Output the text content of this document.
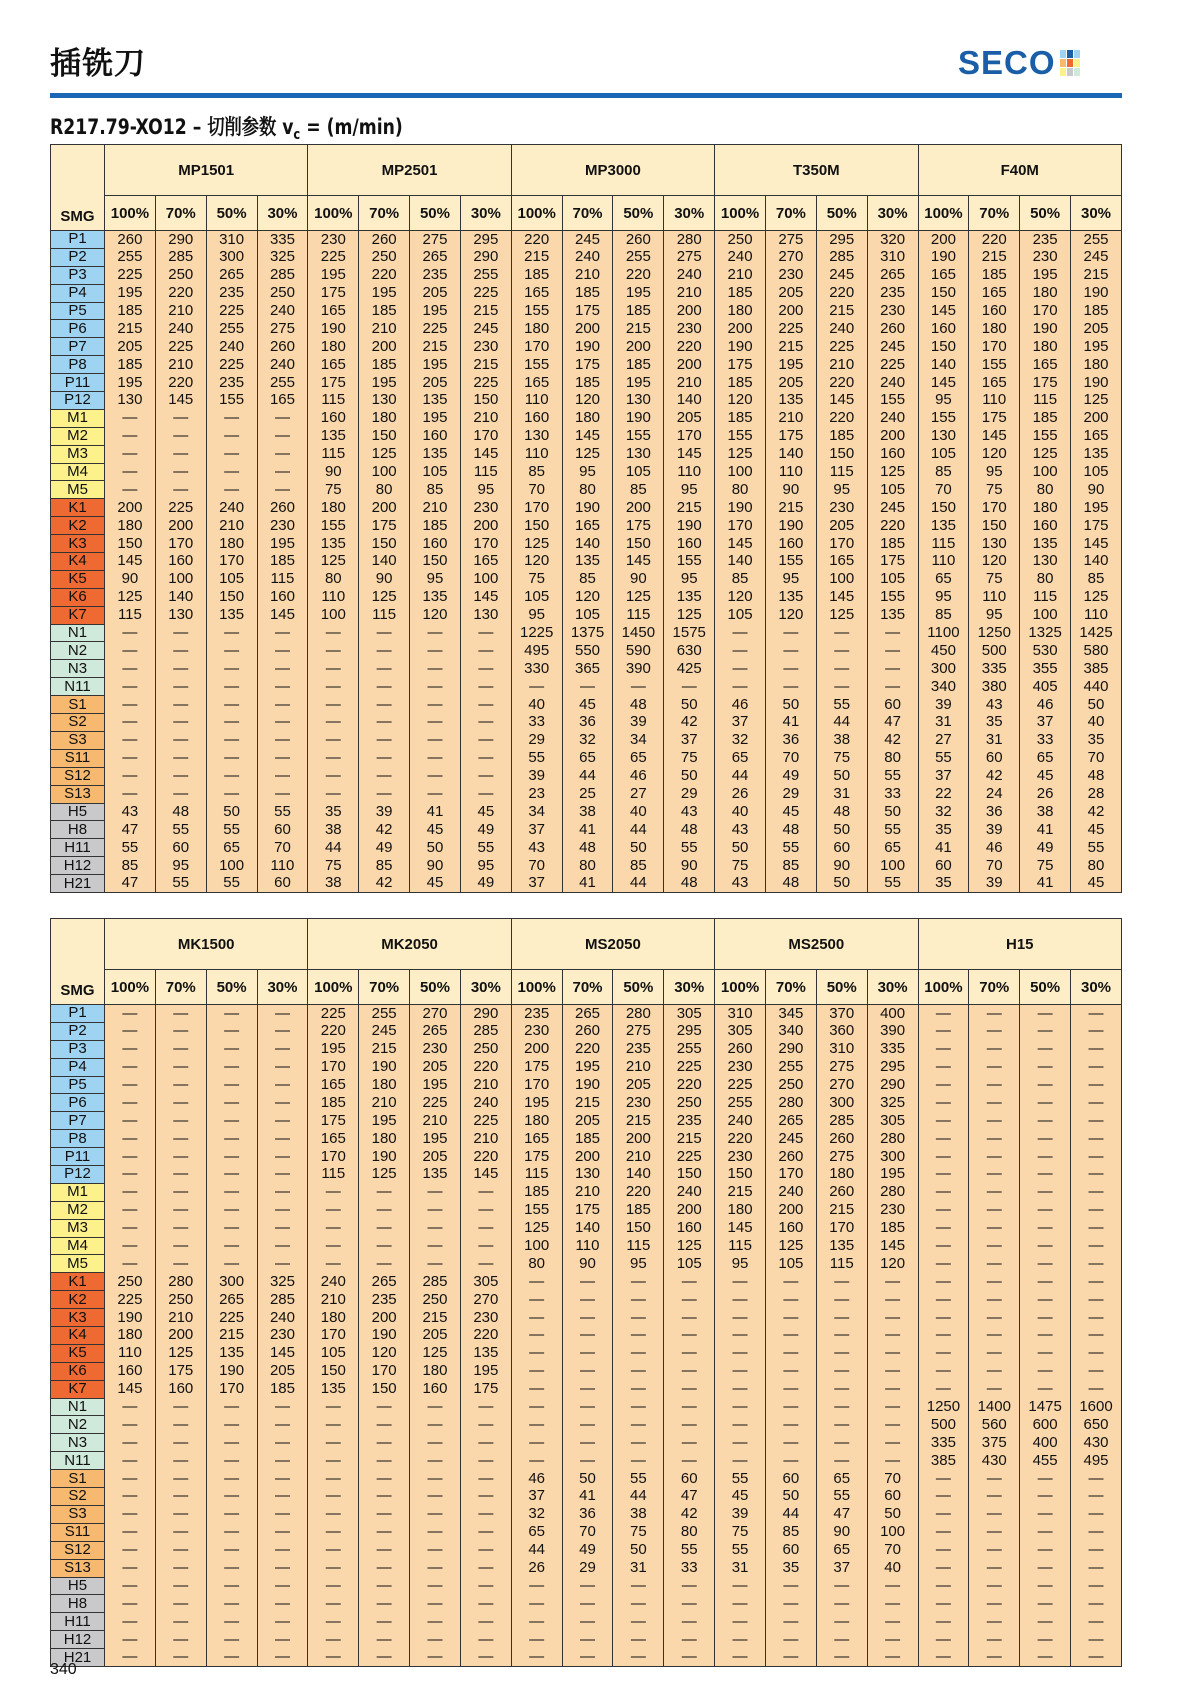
插铣刀	SECO
R217.79-XO12 – 切削参数 $v_c = (m/\min)$
SMG	MP1501				MP2501				MP3000				T350M				F40M			
	100%	70%	50%	30%	100%	70%	50%	30%	100%	70%	50%	30%	100%	70%	50%	30%	100%	70%	50%	30%
P1	260	290	310	335	230	260	275	295	220	245	260	280	250	275	295	320	200	220	235	255
P2	255	285	300	325	225	250	265	290	215	240	255	275	240	270	285	310	190	215	230	245
P3	225	250	265	285	195	220	235	255	185	210	220	240	210	230	245	265	165	185	195	215
P4	195	220	235	250	175	195	205	225	165	185	195	210	185	205	220	235	150	165	180	190
P5	185	210	225	240	165	185	195	215	155	175	185	200	180	200	215	230	145	160	170	185
P6	215	240	255	275	190	210	225	245	180	200	215	230	200	225	240	260	160	180	190	205
P7	205	225	240	260	180	200	215	230	170	190	200	220	190	215	225	245	150	170	180	195
P8	185	210	225	240	165	185	195	215	155	175	185	200	175	195	210	225	140	155	165	180
P11	195	220	235	255	175	195	205	225	165	185	195	210	185	205	220	240	145	165	175	190
P12	130	145	155	165	115	130	135	150	110	120	130	140	120	135	145	155	95	110	115	125
M1	—	—	—	—	160	180	195	210	160	180	190	205	185	210	220	240	155	175	185	200
M2	—	—	—	—	135	150	160	170	130	145	155	170	155	175	185	200	130	145	155	165
M3	—	—	—	—	115	125	135	145	110	125	130	145	125	140	150	160	105	120	125	135
M4	—	—	—	—	90	100	105	115	85	95	105	110	100	110	115	125	85	95	100	105
M5	—	—	—	—	75	80	85	95	70	80	85	95	80	90	95	105	70	75	80	90
K1	200	225	240	260	180	200	210	230	170	190	200	215	190	215	230	245	150	170	180	195
K2	180	200	210	230	155	175	185	200	150	165	175	190	170	190	205	220	135	150	160	175
K3	150	170	180	195	135	150	160	170	125	140	150	160	145	160	170	185	115	130	135	145
K4	145	160	170	185	125	140	150	165	120	135	145	155	140	155	165	175	110	120	130	140
K5	90	100	105	115	80	90	95	100	75	85	90	95	85	95	100	105	65	75	80	85
K6	125	140	150	160	110	125	135	145	105	120	125	135	120	135	145	155	95	110	115	125
K7	115	130	135	145	100	115	120	130	95	105	115	125	105	120	125	135	85	95	100	110
N1	—	—	—	—	—	—	—	—	1225	1375	1450	1575	—	—	—	—	1100	1250	1325	1425
N2	—	—	—	—	—	—	—	—	495	550	590	630	—	—	—	—	450	500	530	580
N3	—	—	—	—	—	—	—	—	330	365	390	425	—	—	—	—	300	335	355	385
N11	—	—	—	—	—	—	—	—	—	—	—	—	—	—	—	—	340	380	405	440
S1	—	—	—	—	—	—	—	—	40	45	48	50	46	50	55	60	39	43	46	50
S2	—	—	—	—	—	—	—	—	33	36	39	42	37	41	44	47	31	35	37	40
S3	—	—	—	—	—	—	—	—	29	32	34	37	32	36	38	42	27	31	33	35
S11	—	—	—	—	—	—	—	—	55	65	65	75	65	70	75	80	55	60	65	70
S12	—	—	—	—	—	—	—	—	39	44	46	50	44	49	50	55	37	42	45	48
S13	—	—	—	—	—	—	—	—	23	25	27	29	26	29	31	33	22	24	26	28
H5	43	48	50	55	35	39	41	45	34	38	40	43	40	45	48	50	32	36	38	42
H8	47	55	55	60	38	42	45	49	37	41	44	48	43	48	50	55	35	39	41	45
H11	55	60	65	70	44	49	50	55	43	48	50	55	50	55	60	65	41	46	49	55
H12	85	95	100	110	75	85	90	95	70	80	85	90	75	85	90	100	60	70	75	80
H21	47	55	55	60	38	42	45	49	37	41	44	48	43	48	50	55	35	39	41	45
SMG	MK1500				MK2050				MS2050				MS2500				H15			
	100%	70%	50%	30%	100%	70%	50%	30%	100%	70%	50%	30%	100%	70%	50%	30%	100%	70%	50%	30%
P1	—	—	—	—	225	255	270	290	235	265	280	305	310	345	370	400	—	—	—	—
P2	—	—	—	—	220	245	265	285	230	260	275	295	305	340	360	390	—	—	—	—
P3	—	—	—	—	195	215	230	250	200	220	235	255	260	290	310	335	—	—	—	—
P4	—	—	—	—	170	190	205	220	175	195	210	225	230	255	275	295	—	—	—	—
P5	—	—	—	—	165	180	195	210	170	190	205	220	225	250	270	290	—	—	—	—
P6	—	—	—	—	185	210	225	240	195	215	230	250	255	280	300	325	—	—	—	—
P7	—	—	—	—	175	195	210	225	180	205	215	235	240	265	285	305	—	—	—	—
P8	—	—	—	—	165	180	195	210	165	185	200	215	220	245	260	280	—	—	—	—
P11	—	—	—	—	170	190	205	220	175	200	210	225	230	260	275	300	—	—	—	—
P12	—	—	—	—	115	125	135	145	115	130	140	150	150	170	180	195	—	—	—	—
M1	—	—	—	—	—	—	—	—	185	210	220	240	215	240	260	280	—	—	—	—
M2	—	—	—	—	—	—	—	—	155	175	185	200	180	200	215	230	—	—	—	—
M3	—	—	—	—	—	—	—	—	125	140	150	160	145	160	170	185	—	—	—	—
M4	—	—	—	—	—	—	—	—	100	110	115	125	115	125	135	145	—	—	—	—
M5	—	—	—	—	—	—	—	—	80	90	95	105	95	105	115	120	—	—	—	—
K1	250	280	300	325	240	265	285	305	—	—	—	—	—	—	—	—	—	—	—	—
K2	225	250	265	285	210	235	250	270	—	—	—	—	—	—	—	—	—	—	—	—
K3	190	210	225	240	180	200	215	230	—	—	—	—	—	—	—	—	—	—	—	—
K4	180	200	215	230	170	190	205	220	—	—	—	—	—	—	—	—	—	—	—	—
K5	110	125	135	145	105	120	125	135	—	—	—	—	—	—	—	—	—	—	—	—
K6	160	175	190	205	150	170	180	195	—	—	—	—	—	—	—	—	—	—	—	—
K7	145	160	170	185	135	150	160	175	—	—	—	—	—	—	—	—	—	—	—	—
N1	—	—	—	—	—	—	—	—	—	—	—	—	—	—	—	—	1250	1400	1475	1600
N2	—	—	—	—	—	—	—	—	—	—	—	—	—	—	—	—	500	560	600	650
N3	—	—	—	—	—	—	—	—	—	—	—	—	—	—	—	—	335	375	400	430
N11	—	—	—	—	—	—	—	—	—	—	—	—	—	—	—	—	385	430	455	495
S1	—	—	—	—	—	—	—	—	46	50	55	60	55	60	65	70	—	—	—	—
S2	—	—	—	—	—	—	—	—	37	41	44	47	45	50	55	60	—	—	—	—
S3	—	—	—	—	—	—	—	—	32	36	38	42	39	44	47	50	—	—	—	—
S11	—	—	—	—	—	—	—	—	65	70	75	80	75	85	90	100	—	—	—	—
S12	—	—	—	—	—	—	—	—	44	49	50	55	55	60	65	70	—	—	—	—
S13	—	—	—	—	—	—	—	—	26	29	31	33	31	35	37	40	—	—	—	—
H5	—	—	—	—	—	—	—	—	—	—	—	—	—	—	—	—	—	—	—	—
H8	—	—	—	—	—	—	—	—	—	—	—	—	—	—	—	—	—	—	—	—
H11	—	—	—	—	—	—	—	—	—	—	—	—	—	—	—	—	—	—	—	—
H12	—	—	—	—	—	—	—	—	—	—	—	—	—	—	—	—	—	—	—	—
H21	—	—	—	—	—	—	—	—	—	—	—	—	—	—	—	—	—	—	—	—
340
